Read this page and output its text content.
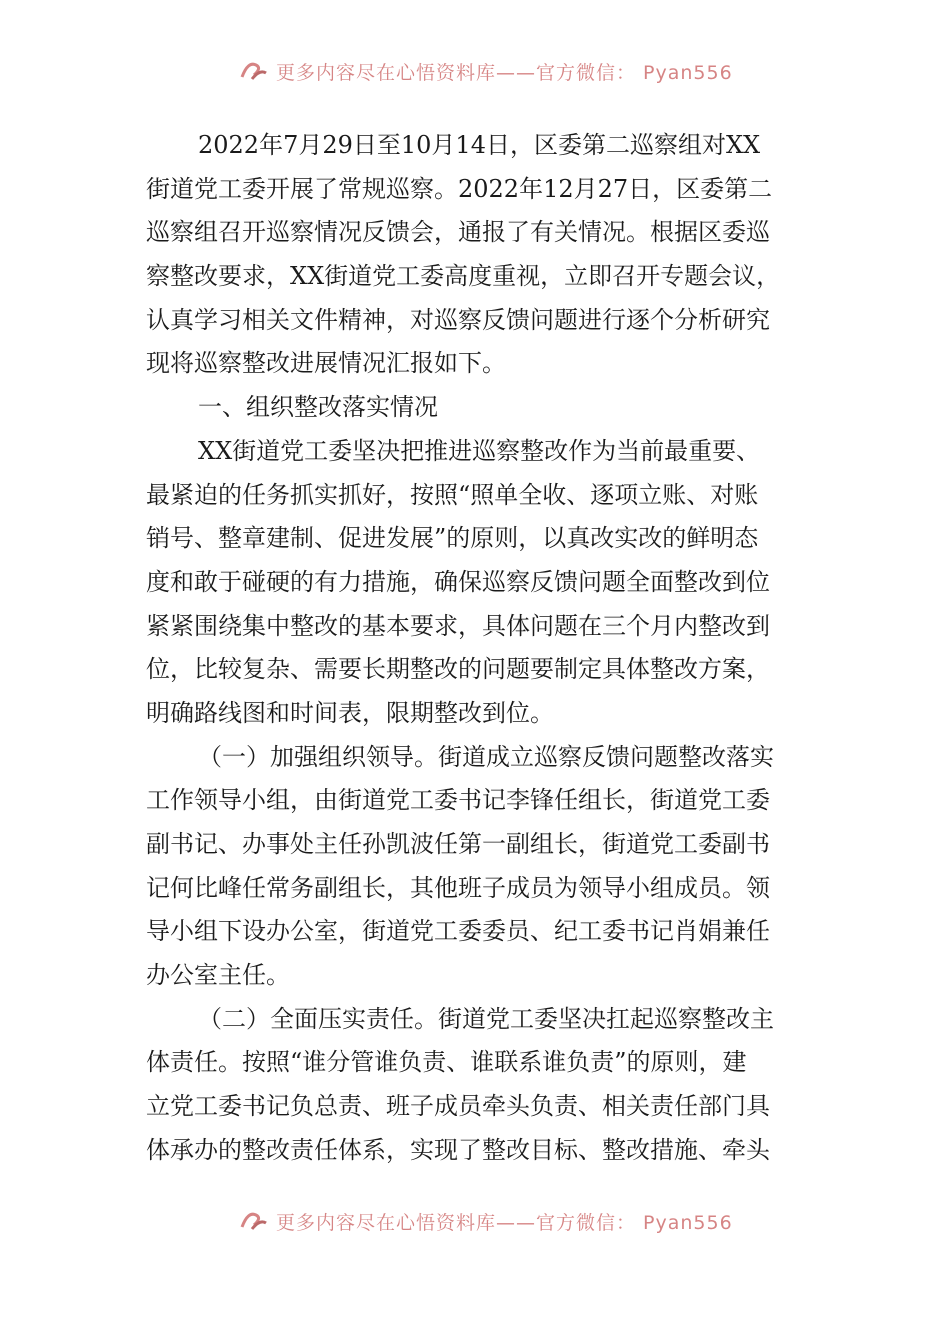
更多内容尽在心悟资料库——官方微信： Pyan556
2022年7月29日至10月14日，区委第二巡察组对XX
街道党工委开展了常规巡察。2022年12月27日，区委第二
巡察组召开巡察情况反馈会，通报了有关情况。根据区委巡
察整改要求，XX街道党工委高度重视，立即召开专题会议，
认真学习相关文件精神，对巡察反馈问题进行逐个分析研究
现将巡察整改进展情况汇报如下。
一、组织整改落实情况
XX街道党工委坚决把推进巡察整改作为当前最重要、
最紧迫的任务抓实抓好，按照“照单全收、逐项立账、对账
销号、整章建制、促进发展”的原则，以真改实改的鲜明态
度和敢于碰硬的有力措施，确保巡察反馈问题全面整改到位
紧紧围绕集中整改的基本要求，具体问题在三个月内整改到
位，比较复杂、需要长期整改的问题要制定具体整改方案，
明确路线图和时间表，限期整改到位。
（一）加强组织领导。街道成立巡察反馈问题整改落实
工作领导小组，由街道党工委书记李锋任组长，街道党工委
副书记、办事处主任孙凯波任第一副组长，街道党工委副书
记何比峰任常务副组长，其他班子成员为领导小组成员。领
导小组下设办公室，街道党工委委员、纪工委书记肖娟兼任
办公室主任。
（二）全面压实责任。街道党工委坚决扛起巡察整改主
体责任。按照“谁分管谁负责、谁联系谁负责”的原则，建
立党工委书记负总责、班子成员牵头负责、相关责任部门具
体承办的整改责任体系，实现了整改目标、整改措施、牵头
更多内容尽在心悟资料库——官方微信： Pyan556
